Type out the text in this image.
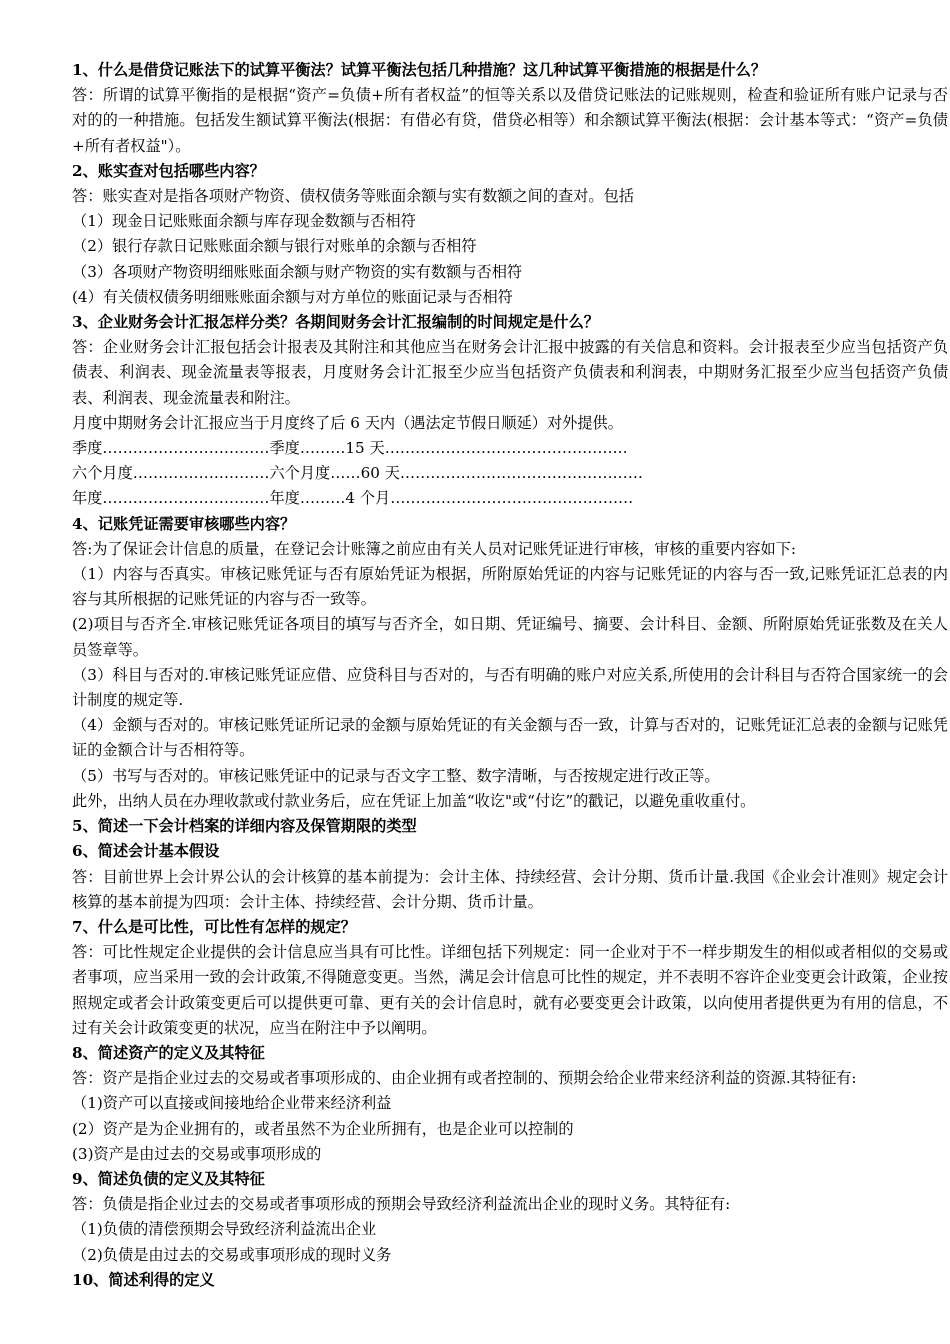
1、什么是借贷记账法下的试算平衡法？试算平衡法包括几种措施？这几种试算平衡措施的根据是什么？

答：所谓的试算平衡指的是根据“资产=负债+所有者权益”的恒等关系以及借贷记账法的记账规则，检查和验证所有账户记录与否对的的一种措施。包括发生额试算平衡法(根据：有借必有贷，借贷必相等）和余额试算平衡法(根据：会计基本等式：“资产=负债+所有者权益"）。

2、账实查对包括哪些内容？

答：账实查对是指各项财产物资、债权债务等账面余额与实有数额之间的查对。包括

（1）现金日记账账面余额与库存现金数额与否相符

（2）银行存款日记账账面余额与银行对账单的余额与否相符

（3）各项财产物资明细账账面余额与财产物资的实有数额与否相符

(4）有关债权债务明细账账面余额与对方单位的账面记录与否相符

3、企业财务会计汇报怎样分类？各期间财务会计汇报编制的时间规定是什么？

答：企业财务会计汇报包括会计报表及其附注和其他应当在财务会计汇报中披露的有关信息和资料。会计报表至少应当包括资产负债表、利润表、现金流量表等报表，月度财务会计汇报至少应当包括资产负债表和利润表，中期财务汇报至少应当包括资产负债表、利润表、现金流量表和附注。

月度中期财务会计汇报应当于月度终了后 6 天内（遇法定节假日顺延）对外提供。

季度……………………………季度………15 天…………………………………………

六个月度………………………六个月度……60 天…………………………………………

年度……………………………年度………4 个月…………………………………………

4、记账凭证需要审核哪些内容？

答:为了保证会计信息的质量，在登记会计账簿之前应由有关人员对记账凭证进行审核，审核的重要内容如下:

（1）内容与否真实。审核记账凭证与否有原始凭证为根据，所附原始凭证的内容与记账凭证的内容与否一致,记账凭证汇总表的内容与其所根据的记账凭证的内容与否一致等。

(2)项目与否齐全.审核记账凭证各项目的填写与否齐全，如日期、凭证编号、摘要、会计科目、金额、所附原始凭证张数及在关人员签章等。

（3）科目与否对的.审核记账凭证应借、应贷科目与否对的，与否有明确的账户对应关系,所使用的会计科目与否符合国家统一的会计制度的规定等.

（4）金额与否对的。审核记账凭证所记录的金额与原始凭证的有关金额与否一致，计算与否对的，记账凭证汇总表的金额与记账凭证的金额合计与否相符等。

（5）书写与否对的。审核记账凭证中的记录与否文字工整、数字清晰，与否按规定进行改正等。

此外，出纳人员在办理收款或付款业务后，应在凭证上加盖“收讫"或“付讫”的戳记，以避免重收重付。

5、简述一下会计档案的详细内容及保管期限的类型

6、简述会计基本假设

答：目前世界上会计界公认的会计核算的基本前提为：会计主体、持续经营、会计分期、货币计量.我国《企业会计准则》规定会计核算的基本前提为四项：会计主体、持续经营、会计分期、货币计量。

7、什么是可比性，可比性有怎样的规定？

答：可比性规定企业提供的会计信息应当具有可比性。详细包括下列规定：同一企业对于不一样步期发生的相似或者相似的交易或者事项，应当采用一致的会计政策,不得随意变更。当然，满足会计信息可比性的规定，并不表明不容许企业变更会计政策，企业按照规定或者会计政策变更后可以提供更可靠、更有关的会计信息时，就有必要变更会计政策，以向使用者提供更为有用的信息，不过有关会计政策变更的状况，应当在附注中予以阐明。

8、简述资产的定义及其特征

答：资产是指企业过去的交易或者事项形成的、由企业拥有或者控制的、预期会给企业带来经济利益的资源.其特征有:

（1)资产可以直接或间接地给企业带来经济利益

(2）资产是为企业拥有的，或者虽然不为企业所拥有，也是企业可以控制的

(3)资产是由过去的交易或事项形成的

9、简述负债的定义及其特征

答：负债是指企业过去的交易或者事项形成的预期会导致经济利益流出企业的现时义务。其特征有:

（1)负债的清偿预期会导致经济利益流出企业

（2)负债是由过去的交易或事项形成的现时义务

10、简述利得的定义
